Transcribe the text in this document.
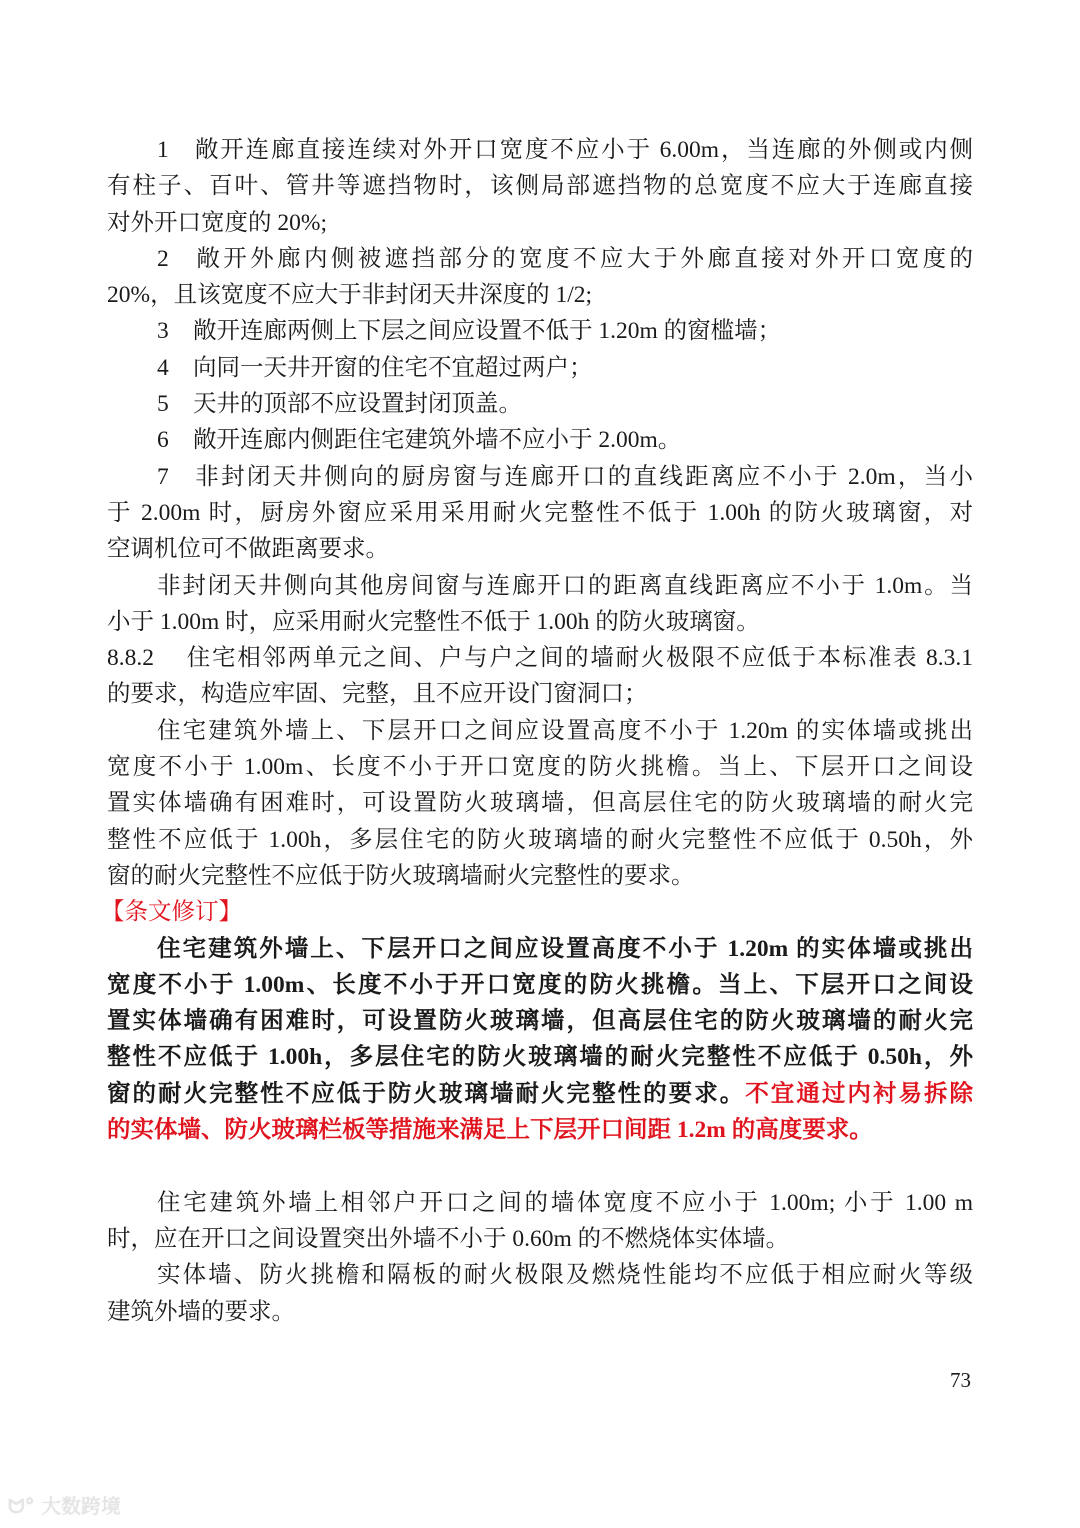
1 敞开连廊直接连续对外开口宽度不应小于 6.00m，当连廊的外侧或内侧
有柱子、百叶、管井等遮挡物时，该侧局部遮挡物的总宽度不应大于连廊直接
对外开口宽度的 20%;
2 敞开外廊内侧被遮挡部分的宽度不应大于外廊直接对外开口宽度的
20%，且该宽度不应大于非封闭天井深度的 1/2;
3 敞开连廊两侧上下层之间应设置不低于 1.20m 的窗槛墙；
4 向同一天井开窗的住宅不宜超过两户；
5 天井的顶部不应设置封闭顶盖。
6 敞开连廊内侧距住宅建筑外墙不应小于 2.00m。
7 非封闭天井侧向的厨房窗与连廊开口的直线距离应不小于 2.0m，当小
于 2.00m 时，厨房外窗应采用采用耐火完整性不低于 1.00h 的防火玻璃窗，对
空调机位可不做距离要求。
非封闭天井侧向其他房间窗与连廊开口的距离直线距离应不小于 1.0m。当
小于 1.00m 时，应采用耐火完整性不低于 1.00h 的防火玻璃窗。
8.8.2 住宅相邻两单元之间、户与户之间的墙耐火极限不应低于本标准表 8.3.1
的要求，构造应牢固、完整，且不应开设门窗洞口；
住宅建筑外墙上、下层开口之间应设置高度不小于 1.20m 的实体墙或挑出
宽度不小于 1.00m、长度不小于开口宽度的防火挑檐。当上、下层开口之间设
置实体墙确有困难时，可设置防火玻璃墙，但高层住宅的防火玻璃墙的耐火完
整性不应低于 1.00h，多层住宅的防火玻璃墙的耐火完整性不应低于 0.50h，外
窗的耐火完整性不应低于防火玻璃墙耐火完整性的要求。
【条文修订】
住宅建筑外墙上、下层开口之间应设置高度不小于 1.20m 的实体墙或挑出
宽度不小于 1.00m、长度不小于开口宽度的防火挑檐。当上、下层开口之间设
置实体墙确有困难时，可设置防火玻璃墙，但高层住宅的防火玻璃墙的耐火完
整性不应低于 1.00h，多层住宅的防火玻璃墙的耐火完整性不应低于 0.50h，外
窗的耐火完整性不应低于防火玻璃墙耐火完整性的要求。不宜通过内衬易拆除
的实体墙、防火玻璃栏板等措施来满足上下层开口间距 1.2m 的高度要求。
住宅建筑外墙上相邻户开口之间的墙体宽度不应小于 1.00m; 小于 1.00 m
时，应在开口之间设置突出外墙不小于 0.60m 的不燃烧体实体墙。
实体墙、防火挑檐和隔板的耐火极限及燃烧性能均不应低于相应耐火等级
建筑外墙的要求。
73
ᗢ° 大数跨境
